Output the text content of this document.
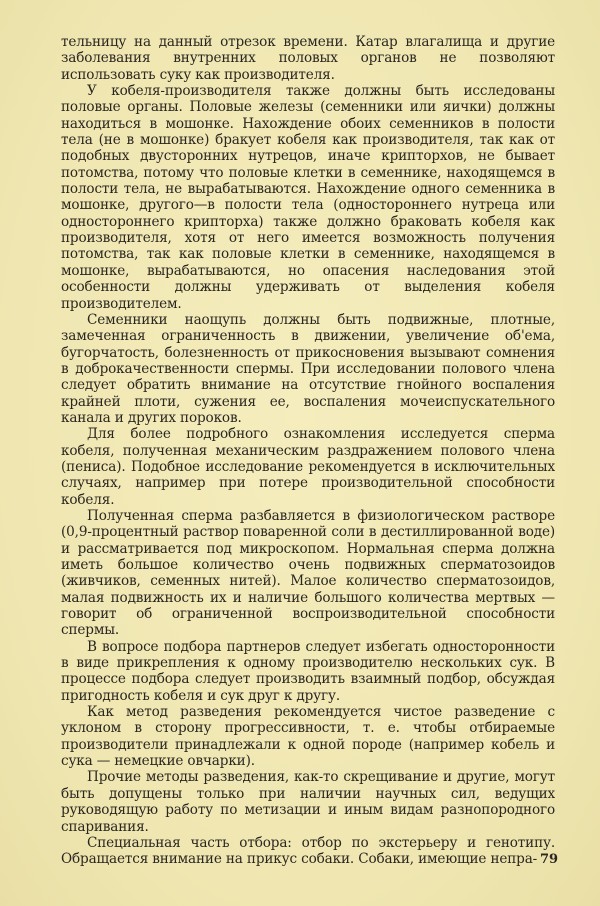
тельницу на данный отрезок времени. Катар влагалища и другие заболевания внутренних половых органов не позволяют использовать суку как производителя.

У кобеля-производителя также должны быть исследованы половые органы. Половые железы (семенники или яички) должны находиться в мошонке. Нахождение обоих семенников в полости тела (не в мошонке) бракует кобеля как производителя, так как от подобных двусторонних нутрецов, иначе крипторхов, не бывает потомства, потому что половые клетки в семеннике, находящемся в полости тела, не вырабатываются. Нахождение одного семенника в мошонке, другого—в полости тела (одностороннего нутреца или одностороннего крипторха) также должно браковать кобеля как производителя, хотя от него имеется возможность получения потомства, так как половые клетки в семеннике, находящемся в мошонке, вырабатываются, но опасения наследования этой особенности должны удерживать от выделения кобеля производителем.

Семенники наощупь должны быть подвижные, плотные, замеченная ограниченность в движении, увеличение об'ема, бугорчатость, болезненность от прикосновения вызывают сомнения в доброкачественности спермы. При исследовании полового члена следует обратить внимание на отсутствие гнойного воспаления крайней плоти, сужения ее, воспаления мочеиспускательного канала и других пороков.

Для более подробного ознакомления исследуется сперма кобеля, полученная механическим раздражением полового члена (пениса). Подобное исследование рекомендуется в исключительных случаях, например при потере производительной способности кобеля.

Полученная сперма разбавляется в физиологическом растворе (0,9-процентный раствор поваренной соли в дестиллированной воде) и рассматривается под микроскопом. Нормальная сперма должна иметь большое количество очень подвижных сперматозоидов (живчиков, семенных нитей). Малое количество сперматозоидов, малая подвижность их и наличие большого количества мертвых — говорит об ограниченной воспроизводительной способности спермы.

В вопросе подбора партнеров следует избегать односторонности в виде прикрепления к одному производителю нескольких сук. В процессе подбора следует производить взаимный подбор, обсуждая пригодность кобеля и сук друг к другу.

Как метод разведения рекомендуется чистое разведение с уклоном в сторону прогрессивности, т. е. чтобы отбираемые производители принадлежали к одной породе (например кобель и сука — немецкие овчарки).

Прочие методы разведения, как-то скрещивание и другие, могут быть допущены только при наличии научных сил, ведущих руководящую работу по метизации и иным видам разнопородного спаривания.

Специальная часть отбора: отбор по экстерьеру и генотипу. Обращается внимание на прикус собаки. Собаки, имеющие непра- 79
